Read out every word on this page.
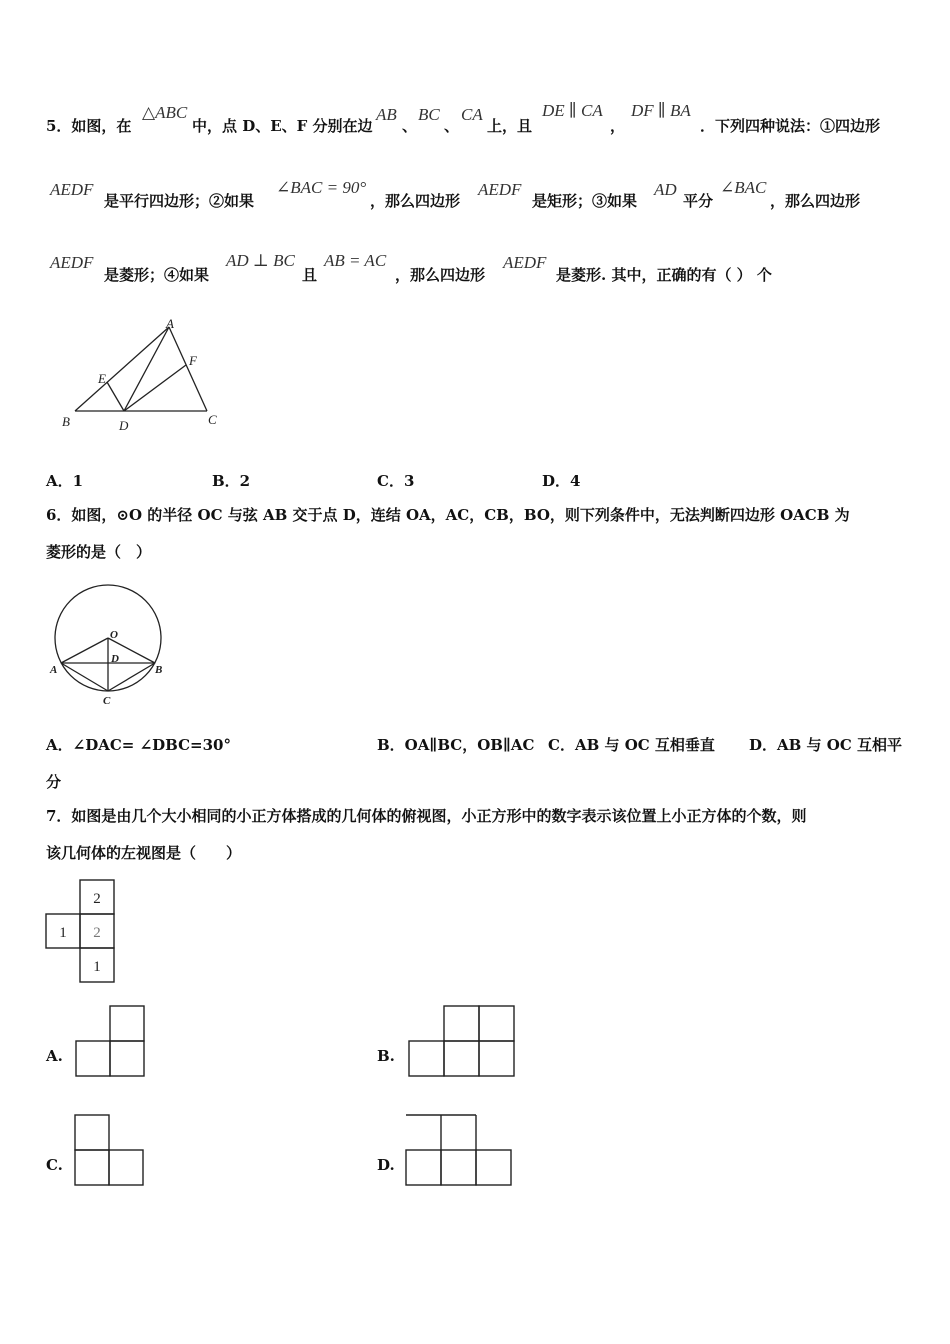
5．如图，在
△ABC
中，点 D、E、F 分别在边
AB
、
BC
、
CA
上，且
DE ∥ CA
，
DF ∥ BA
．下列四种说法：①四边形
AEDF
是平行四边形；②如果
∠BAC = 90°
，那么四边形
AEDF
是矩形；③如果
AD
平分
∠BAC
，那么四边形
AEDF
是菱形；④如果
AD ⊥ BC
且
AB = AC
，那么四边形
AEDF
是菱形. 其中，正确的有（ ） 个
A
F
E
B	D	C
A．1	B．2	C．3	D．4
6．如图，⊙O 的半径 OC 与弦 AB 交于点 D，连结 OA，AC，CB，BO，则下列条件中，无法判断四边形 OACB 为
菱形的是（　）
O
D
A	B
C
A．∠DAC= ∠DBC=30°	B．OA∥BC，OB∥AC C．AB 与 OC 互相垂直 D．AB 与 OC 互相平
分
7．如图是由几个大小相同的小正方体搭成的几何体的俯视图，小正方形中的数字表示该位置上小正方体的个数，则
该几何体的左视图是（　　）
2
1 2
1
A.	B.
C.	D.
